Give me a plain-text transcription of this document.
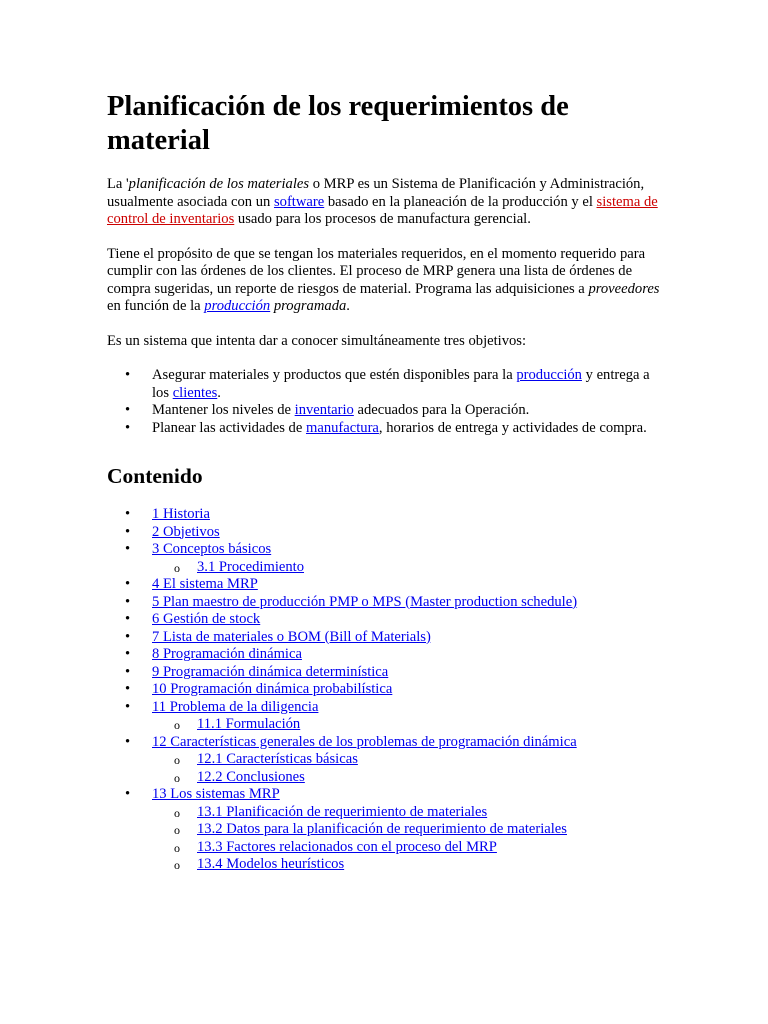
Planificación de los requerimientos de material

La 'planificación de los materiales o MRP es un Sistema de Planificación y Administración, usualmente asociada con un software basado en la planeación de la producción y el sistema de control de inventarios usado para los procesos de manufactura gerencial.

Tiene el propósito de que se tengan los materiales requeridos, en el momento requerido para cumplir con las órdenes de los clientes. El proceso de MRP genera una lista de órdenes de compra sugeridas, un reporte de riesgos de material. Programa las adquisiciones a proveedores en función de la producción programada.

Es un sistema que intenta dar a conocer simultáneamente tres objetivos:

• Asegurar materiales y productos que estén disponibles para la producción y entrega a los clientes.
• Mantener los niveles de inventario adecuados para la Operación.
• Planear las actividades de manufactura, horarios de entrega y actividades de compra.
Contenido
• 1 Historia
• 2 Objetivos
• 3 Conceptos básicos
o 3.1 Procedimiento
• 4 El sistema MRP
• 5 Plan maestro de producción PMP o MPS (Master production schedule)
• 6 Gestión de stock
• 7 Lista de materiales o BOM (Bill of Materials)
• 8 Programación dinámica
• 9 Programación dinámica determinística
• 10 Programación dinámica probabilística
• 11 Problema de la diligencia
o 11.1 Formulación
• 12 Características generales de los problemas de programación dinámica
o 12.1 Características básicas
o 12.2 Conclusiones
• 13 Los sistemas MRP
o 13.1 Planificación de requerimiento de materiales
o 13.2 Datos para la planificación de requerimiento de materiales
o 13.3 Factores relacionados con el proceso del MRP
o 13.4 Modelos heurísticos
